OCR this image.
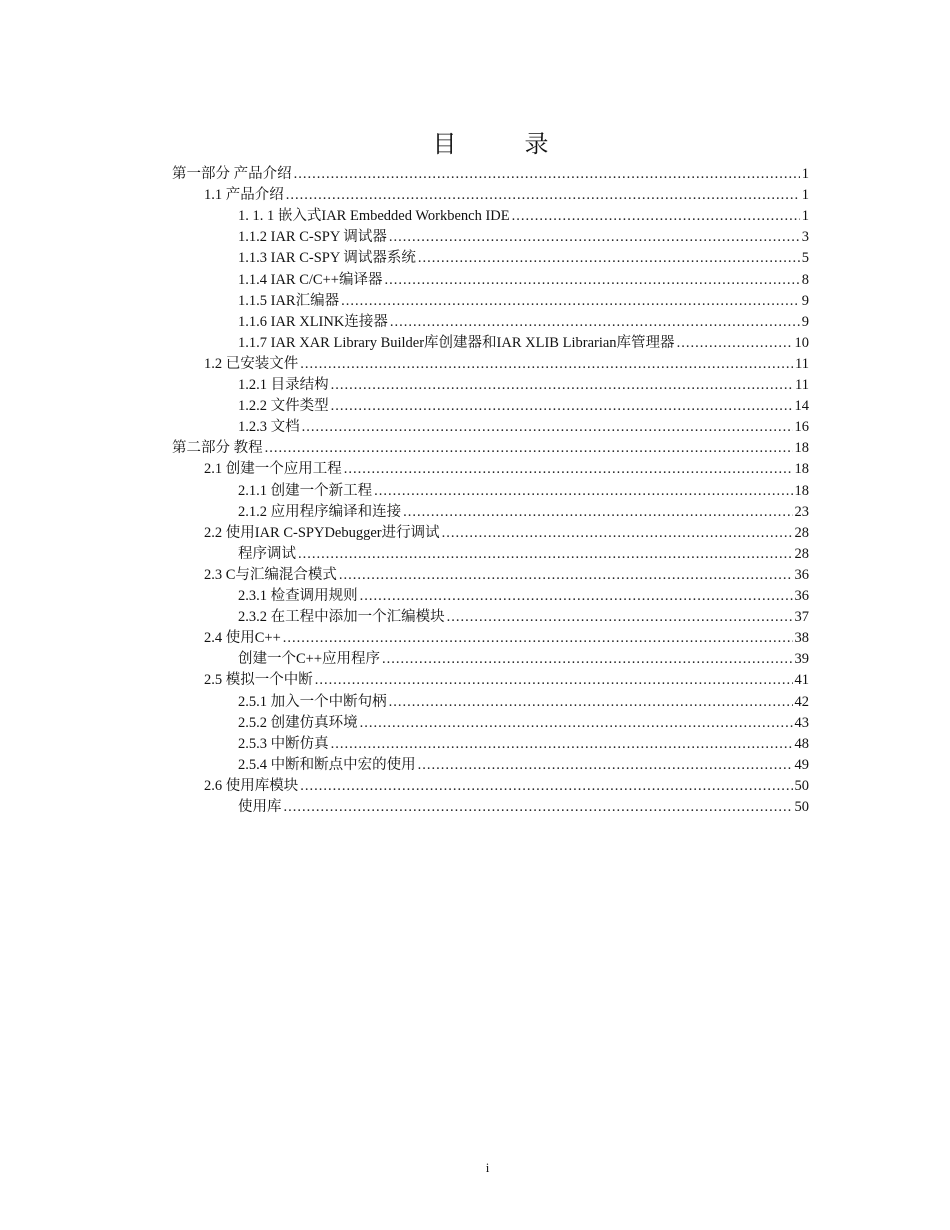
目　录
第一部分 产品介绍 .....	1
1.1 产品介绍 .....	1
1. 1. 1 嵌入式IAR Embedded Workbench IDE .....	1
1.1.2 IAR C-SPY 调试器 .....	3
1.1.3 IAR C-SPY 调试器系统 .....	5
1.1.4 IAR C/C++编译器 .....	8
1.1.5 IAR汇编器 .....	9
1.1.6 IAR XLINK连接器 .....	9
1.1.7 IAR XAR Library Builder库创建器和IAR XLIB Librarian库管理器 .....	10
1.2 已安装文件 .....	11
1.2.1 目录结构 .....	11
1.2.2 文件类型 .....	14
1.2.3 文档 .....	16
第二部分 教程 .....	18
2.1 创建一个应用工程 .....	18
2.1.1 创建一个新工程 .....	18
2.1.2 应用程序编译和连接 .....	23
2.2 使用IAR C-SPYDebugger进行调试 .....	28
程序调试 .....	28
2.3 C与汇编混合模式 .....	36
2.3.1 检查调用规则 .....	36
2.3.2 在工程中添加一个汇编模块 .....	37
2.4 使用C++ .....	38
创建一个C++应用程序 .....	39
2.5 模拟一个中断 .....	41
2.5.1 加入一个中断句柄 .....	42
2.5.2 创建仿真环境 .....	43
2.5.3 中断仿真 .....	48
2.5.4 中断和断点中宏的使用 .....	49
2.6 使用库模块 .....	50
使用库 .....	50
i
